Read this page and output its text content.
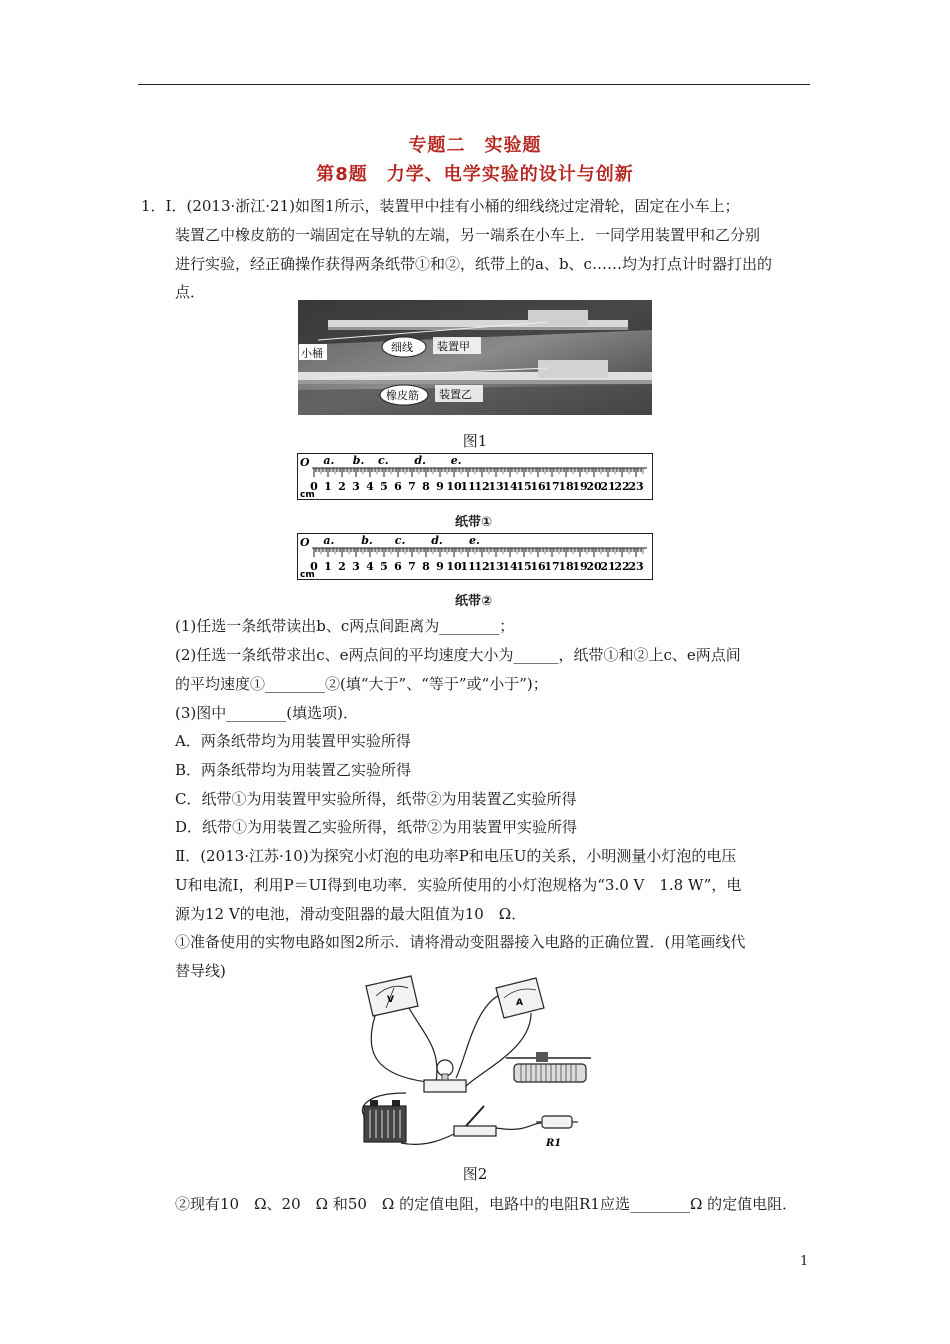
专题二　实验题
第8题　力学、电学实验的设计与创新
1．Ⅰ．(2013·浙江·21)如图1所示，装置甲中挂有小桶的细线绕过定滑轮，固定在小车上；
装置乙中橡皮筋的一端固定在导轨的左端，另一端系在小车上．一同学用装置甲和乙分别
进行实验，经正确操作获得两条纸带①和②，纸带上的a、b、c……均为打点计时器打出的
点．
小桶	细线 装置甲
橡皮筋 装置乙
图1
O
cm
0 1 2 3 4 5 6 7 8 9 10
11
12
13
14
15
16
17
18
19
20
21
22
23
a. b. c. d. e.
纸带①
O
cm
0 1 2 3 4 5 6 7 8 9 10
11
12
13
14
15
16
17
18
19
20
21
22
23
a. b. c. d. e.
纸带②
(1)任选一条纸带读出b、c两点间距离为________；
(2)任选一条纸带求出c、e两点间的平均速度大小为______，纸带①和②上c、e两点间
的平均速度①________②(填“大于”、“等于”或“小于”)；
(3)图中________(填选项)．
A．两条纸带均为用装置甲实验所得
B．两条纸带均为用装置乙实验所得
C．纸带①为用装置甲实验所得，纸带②为用装置乙实验所得
D．纸带①为用装置乙实验所得，纸带②为用装置甲实验所得
Ⅱ．(2013·江苏·10)为探究小灯泡的电功率P和电压U的关系，小明测量小灯泡的电压
U和电流I，利用P＝UI得到电功率．实验所使用的小灯泡规格为“3.0 V　1.8 W”，电
源为12 V的电池，滑动变阻器的最大阻值为10　Ω．
①准备使用的实物电路如图2所示．请将滑动变阻器接入电路的正确位置．(用笔画线代
替导线)
V	A
R1
图2
②现有10　Ω、20　Ω 和50　Ω 的定值电阻，电路中的电阻R1应选________Ω 的定值电阻．
1
